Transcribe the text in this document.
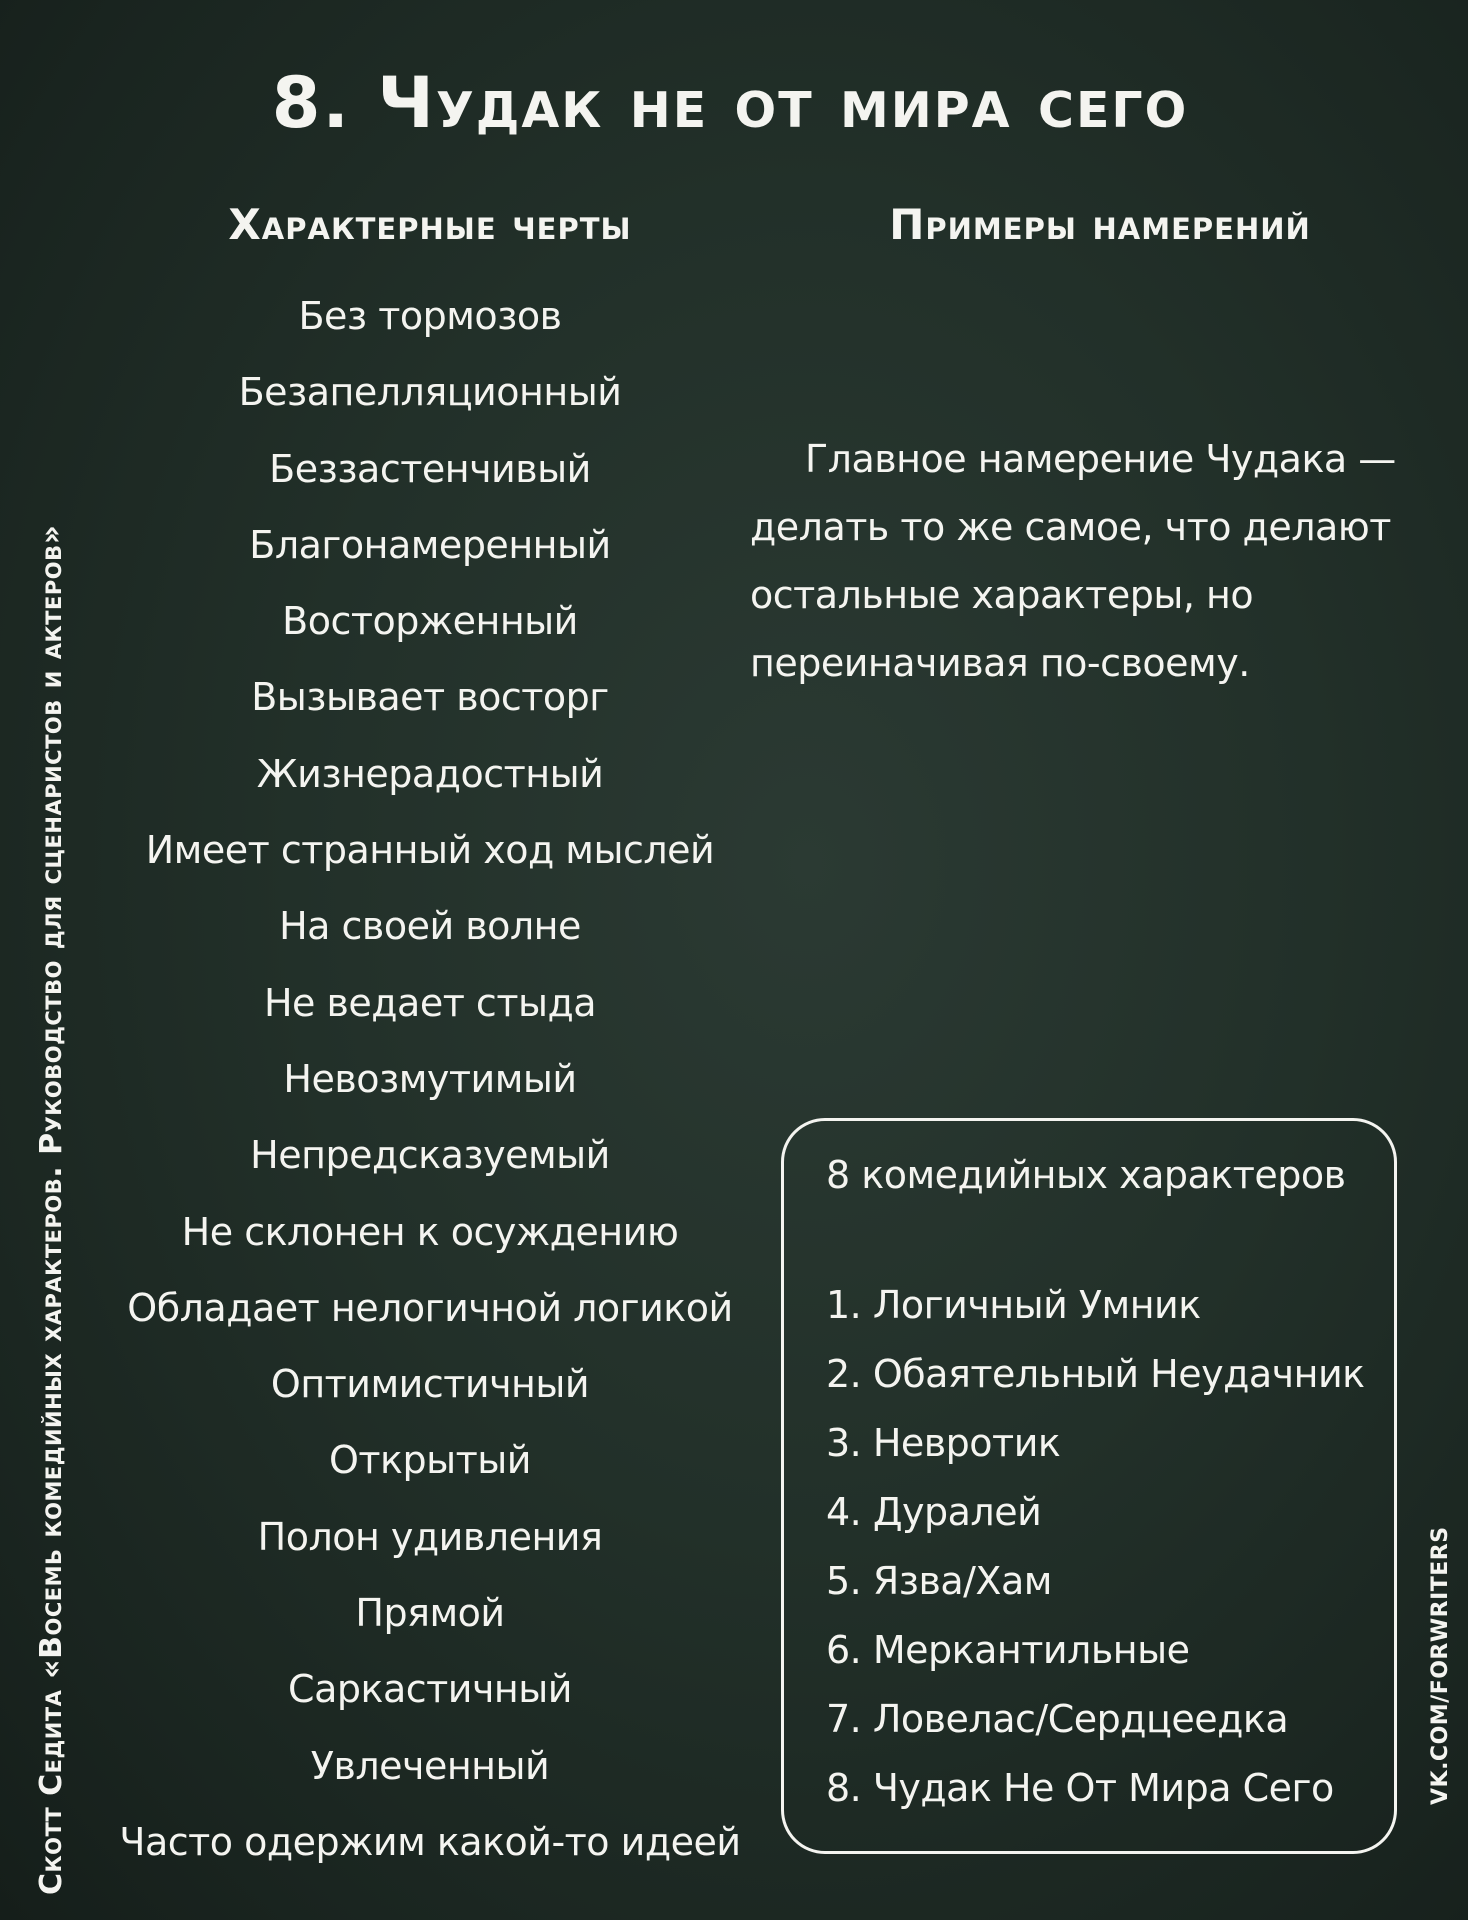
Скотт Седита «Восемь комедийных характеров. Руководство для сценаристов и актеров»
8. Чудак не от мира сего
Характерные черты	Примеры намерений
Без тормозов
Безапелляционный
Беззастенчивый
Благонамеренный
Восторженный
Вызывает восторг
Жизнерадостный
Имеет странный ход мыслей
На своей волне
Не ведает стыда
Невозмутимый
Непредсказуемый
Не склонен к осуждению
Обладает нелогичной логикой
Оптимистичный
Открытый
Полон удивления
Прямой
Саркастичный
Увлеченный
Часто одержим какой-то идеей
Главное намерение Чудака — делать то же самое, что делают остальные характеры, но переиначивая по-своему.
8 комедийных характеров
1. Логичный Умник
2. Обаятельный Неудачник
3. Невротик
4. Дуралей
5. Язва/Хам
6. Меркантильные
7. Ловелас/Сердцеедка
8. Чудак Не От Мира Сего	VK.COM/FORWRITERS
